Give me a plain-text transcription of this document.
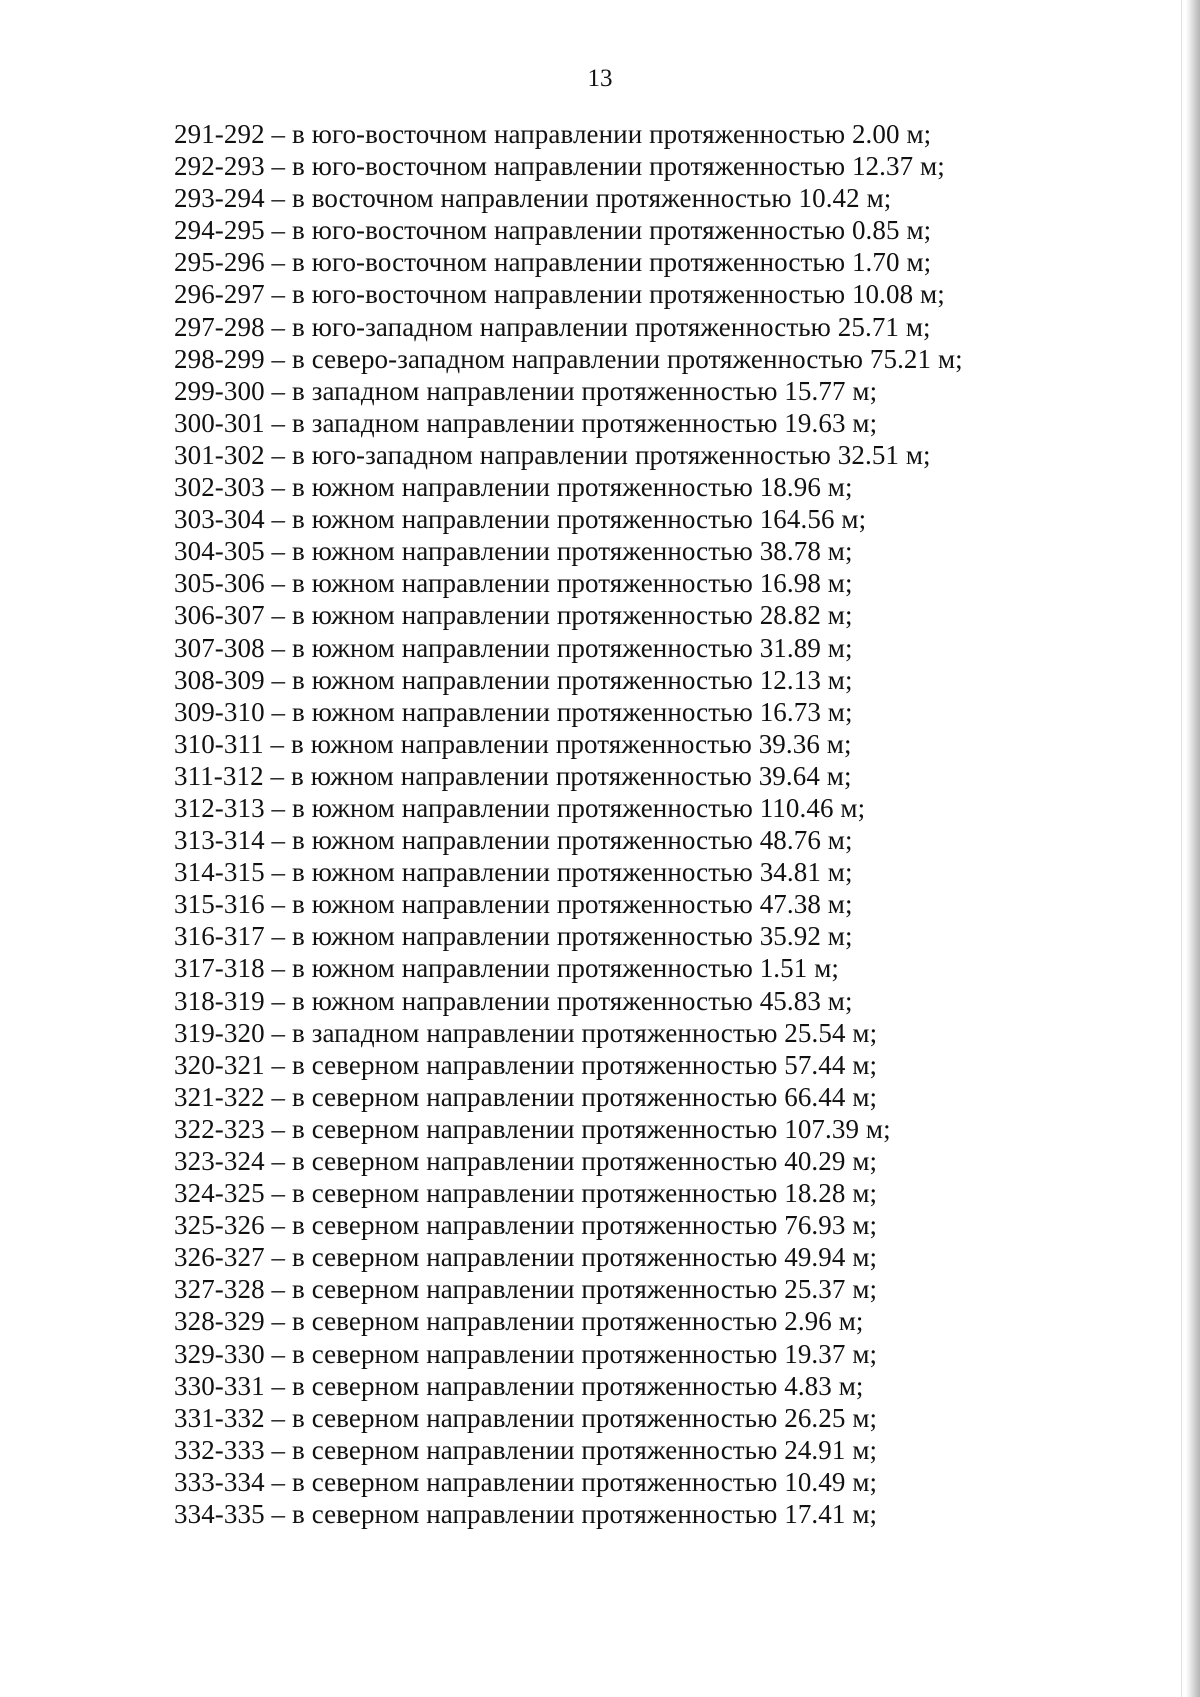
13
291-292 – в юго-восточном направлении протяженностью 2.00 м;
292-293 – в юго-восточном направлении протяженностью 12.37 м;
293-294 – в восточном направлении протяженностью 10.42 м;
294-295 – в юго-восточном направлении протяженностью 0.85 м;
295-296 – в юго-восточном направлении протяженностью 1.70 м;
296-297 – в юго-восточном направлении протяженностью 10.08 м;
297-298 – в юго-западном направлении протяженностью 25.71 м;
298-299 – в северо-западном направлении протяженностью 75.21 м;
299-300 – в западном направлении протяженностью 15.77 м;
300-301 – в западном направлении протяженностью 19.63 м;
301-302 – в юго-западном направлении протяженностью 32.51 м;
302-303 – в южном направлении протяженностью 18.96 м;
303-304 – в южном направлении протяженностью 164.56 м;
304-305 – в южном направлении протяженностью 38.78 м;
305-306 – в южном направлении протяженностью 16.98 м;
306-307 – в южном направлении протяженностью 28.82 м;
307-308 – в южном направлении протяженностью 31.89 м;
308-309 – в южном направлении протяженностью 12.13 м;
309-310 – в южном направлении протяженностью 16.73 м;
310-311 – в южном направлении протяженностью 39.36 м;
311-312 – в южном направлении протяженностью 39.64 м;
312-313 – в южном направлении протяженностью 110.46 м;
313-314 – в южном направлении протяженностью 48.76 м;
314-315 – в южном направлении протяженностью 34.81 м;
315-316 – в южном направлении протяженностью 47.38 м;
316-317 – в южном направлении протяженностью 35.92 м;
317-318 – в южном направлении протяженностью 1.51 м;
318-319 – в южном направлении протяженностью 45.83 м;
319-320 – в западном направлении протяженностью 25.54 м;
320-321 – в северном направлении протяженностью 57.44 м;
321-322 – в северном направлении протяженностью 66.44 м;
322-323 – в северном направлении протяженностью 107.39 м;
323-324 – в северном направлении протяженностью 40.29 м;
324-325 – в северном направлении протяженностью 18.28 м;
325-326 – в северном направлении протяженностью 76.93 м;
326-327 – в северном направлении протяженностью 49.94 м;
327-328 – в северном направлении протяженностью 25.37 м;
328-329 – в северном направлении протяженностью 2.96 м;
329-330 – в северном направлении протяженностью 19.37 м;
330-331 – в северном направлении протяженностью 4.83 м;
331-332 – в северном направлении протяженностью 26.25 м;
332-333 – в северном направлении протяженностью 24.91 м;
333-334 – в северном направлении протяженностью 10.49 м;
334-335 – в северном направлении протяженностью 17.41 м;
